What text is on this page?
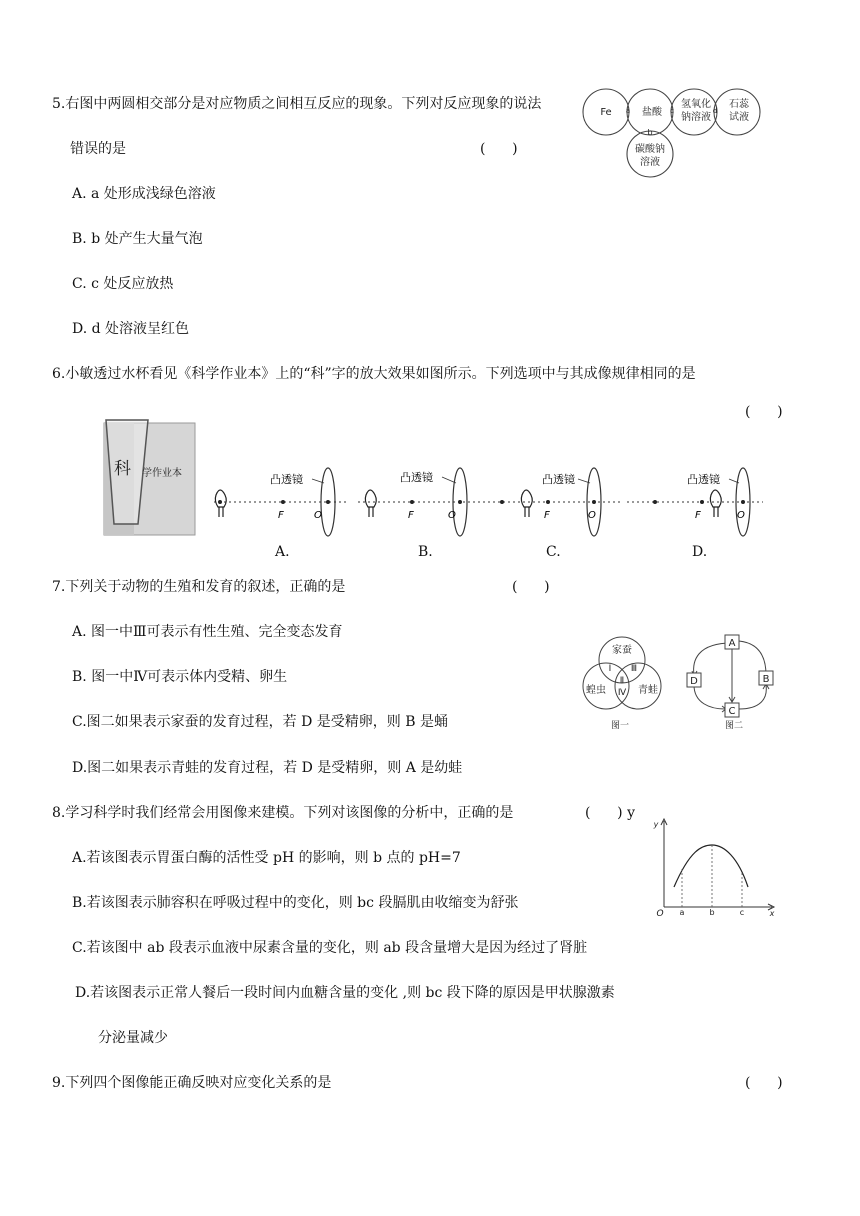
5.右图中两圆相交部分是对应物质之间相互反应的现象。下列对反应现象的说法
错误的是	(      )
A. a 处形成浅绿色溶液
B. b 处产生大量气泡
C. c 处反应放热
D. d 处溶液呈红色
Fe a 盐酸 c
氢氧化
钠溶液
d
石蕊
试液
b
碳酸钠
溶液
6.小敏透过水杯看见《科学作业本》上的“科”字的放大效果如图所示。下列选项中与其成像规律相同的是
(      )
科 学作业本	凸透镜
F	O
A.
凸透镜
F	O
B.
凸透镜
F	O
C.
凸透镜
F	O
D.
7.下列关于动物的生殖和发育的叙述，正确的是	(      )
A. 图一中Ⅲ可表示有性生殖、完全变态发育
B. 图一中Ⅳ可表示体内受精、卵生
C.图二如果表示家蚕的发育过程，若 D 是受精卵，则 B 是蛹
D.图二如果表示青蛙的发育过程，若 D 是受精卵，则 A 是幼蛙
家蚕
蝗虫	青蛙
Ⅰ Ⅲ
Ⅱ
Ⅳ
图一
A
D	B
C
图二
8.学习科学时我们经常会用图像来建模。下列对该图像的分析中，正确的是	(      ) y
A.若该图表示胃蛋白酶的活性受 pH 的影响，则 b 点的 pH=7
B.若该图表示肺容积在呼吸过程中的变化，则 bc 段膈肌由收缩变为舒张
C.若该图中 ab 段表示血液中尿素含量的变化，则 ab 段含量增大是因为经过了肾脏
D.若该图表示正常人餐后一段时间内血糖含量的变化 ,则 bc 段下降的原因是甲状腺激素
分泌量减少
y
x
O a	b	c
9.下列四个图像能正确反映对应变化关系的是	(      )
